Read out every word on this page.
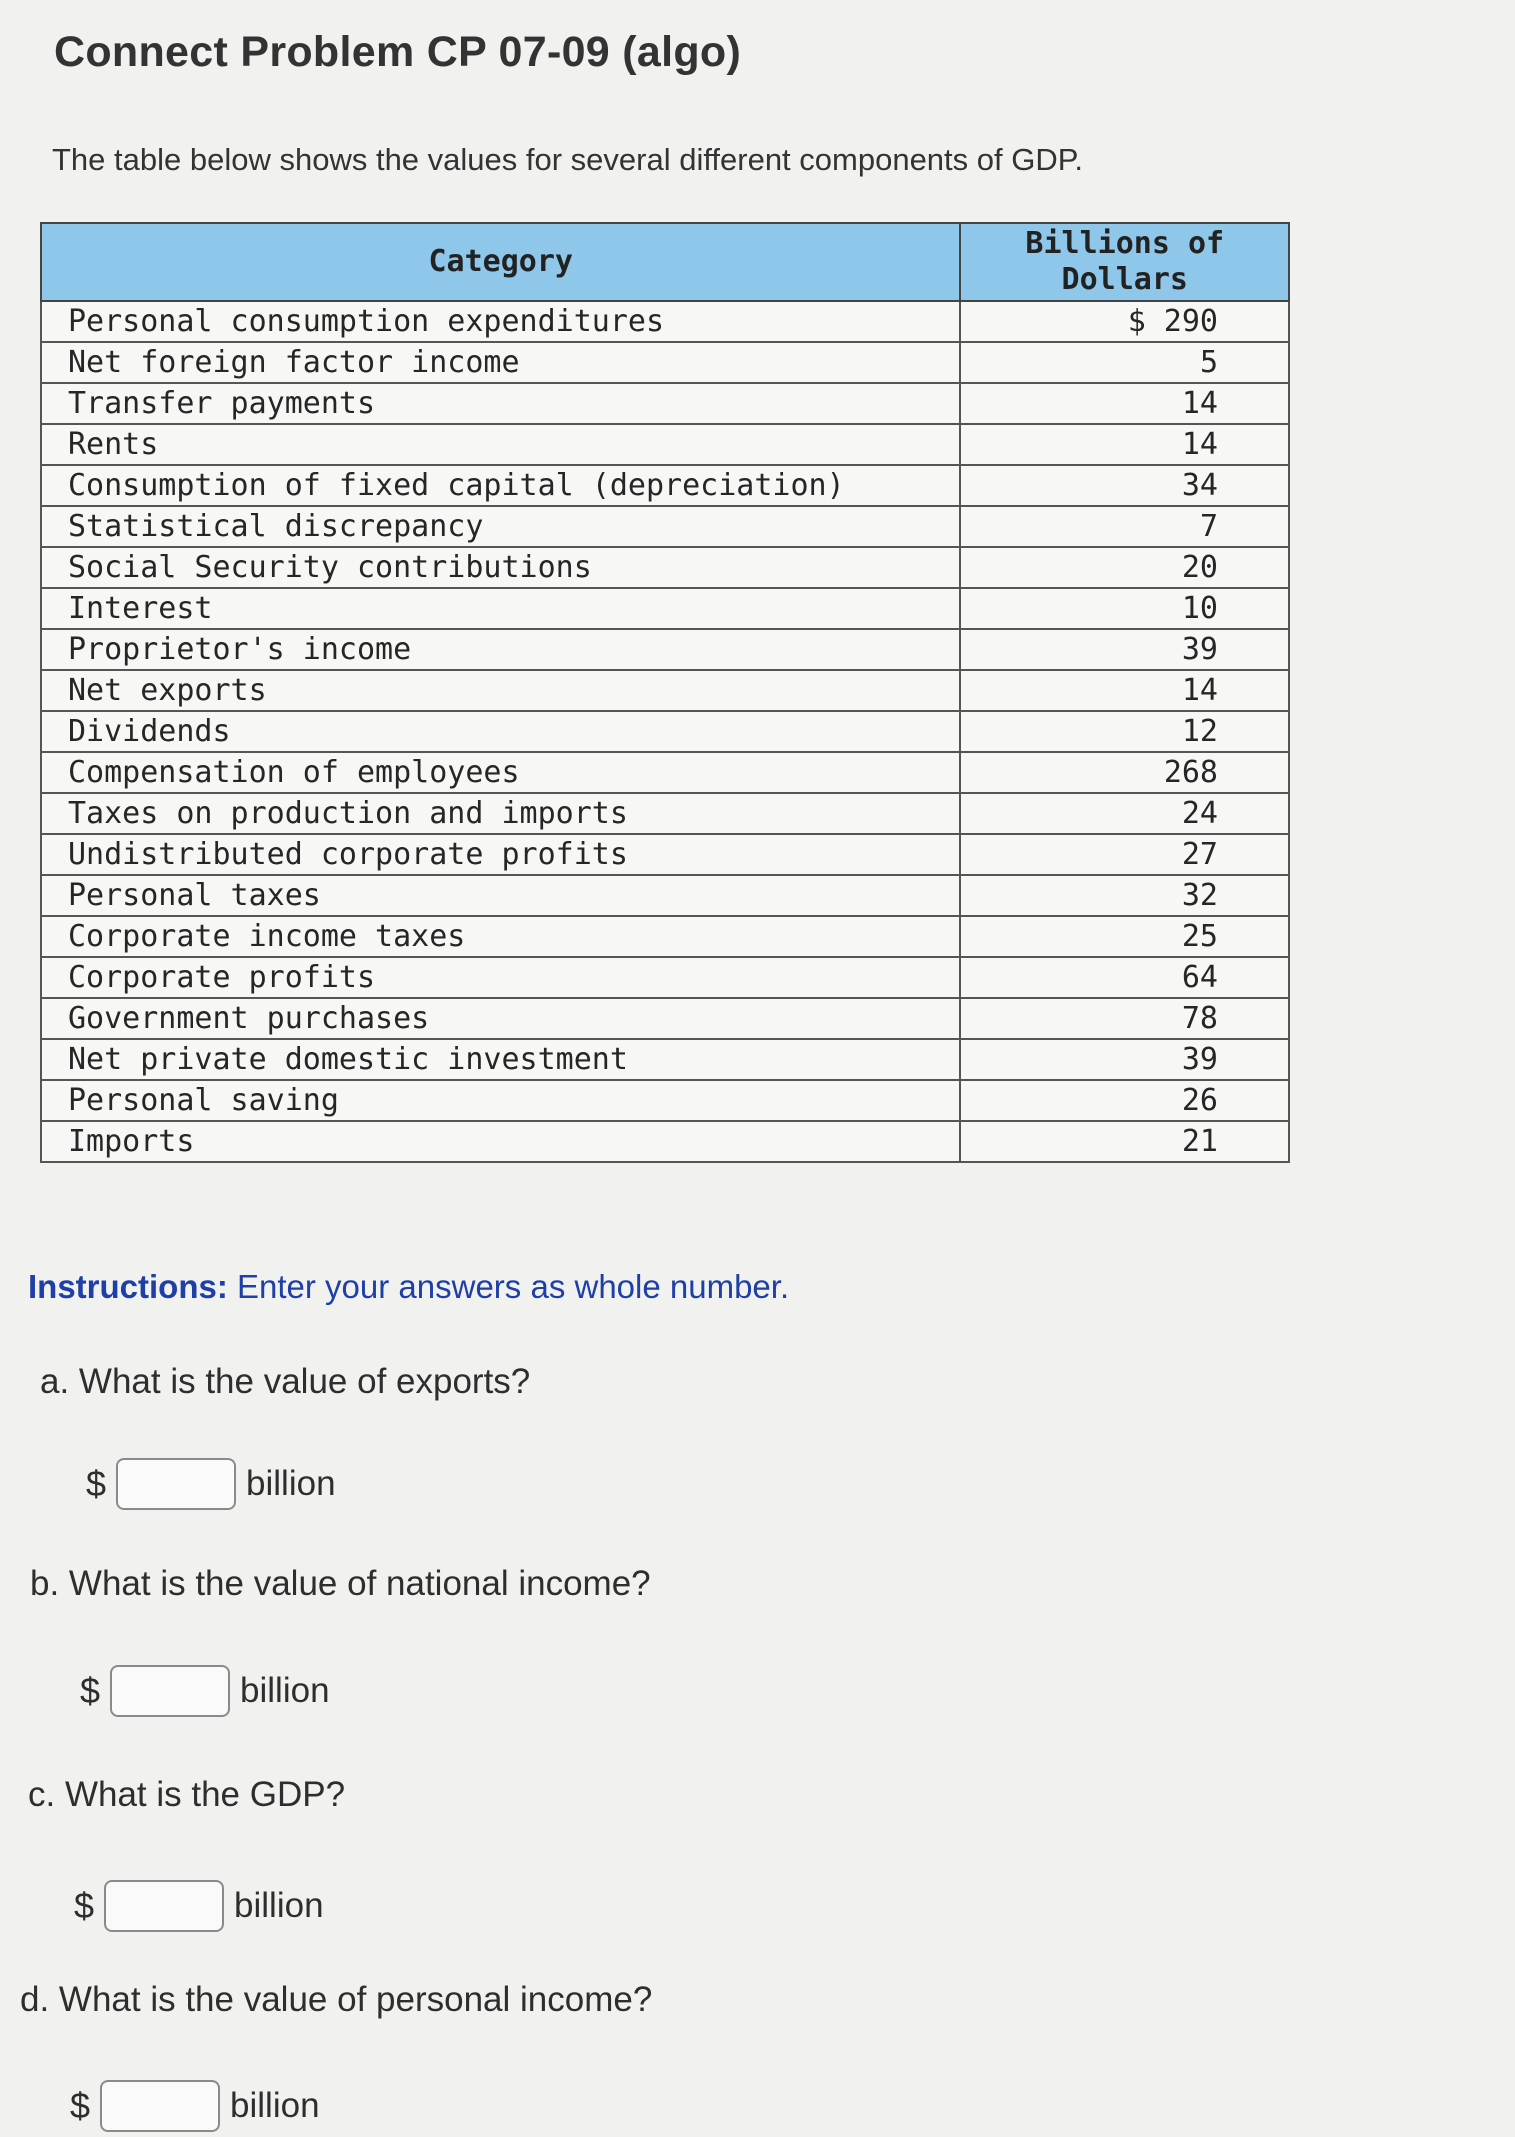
Connect Problem CP 07-09 (algo)
The table below shows the values for several different components of GDP.
Category	Billions of Dollars
Personal consumption expenditures	$ 290
Net foreign factor income	5
Transfer payments	14
Rents	14
Consumption of fixed capital (depreciation)	34
Statistical discrepancy	7
Social Security contributions	20
Interest	10
Proprietor's income	39
Net exports	14
Dividends	12
Compensation of employees	268
Taxes on production and imports	24
Undistributed corporate profits	27
Personal taxes	32
Corporate income taxes	25
Corporate profits	64
Government purchases	78
Net private domestic investment	39
Personal saving	26
Imports	21
Instructions: Enter your answers as whole number.
a. What is the value of exports?
$	billion
b. What is the value of national income?
$	billion
c. What is the GDP?
$	billion
d. What is the value of personal income?
$	billion
